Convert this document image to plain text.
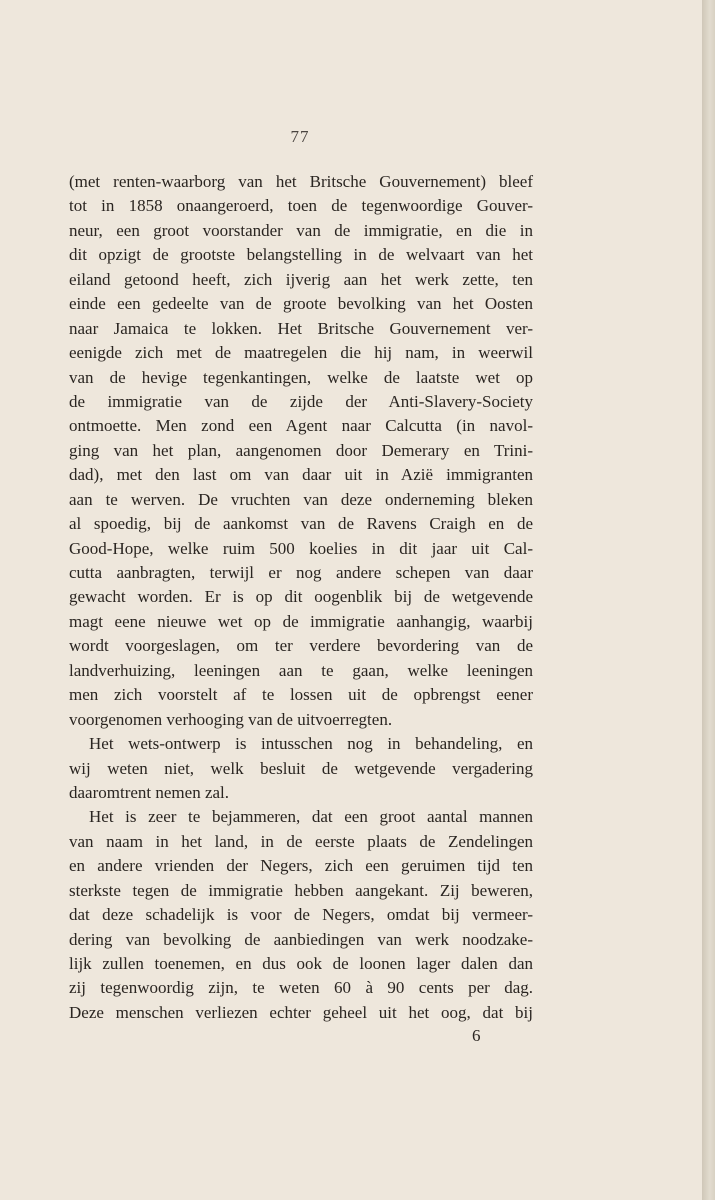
77
(met renten-waarborg van het Britsche Gouvernement) bleef
tot in 1858 onaangeroerd, toen de tegenwoordige Gouver-
neur, een groot voorstander van de immigratie, en die in
dit opzigt de grootste belangstelling in de welvaart van het
eiland getoond heeft, zich ijverig aan het werk zette, ten
einde een gedeelte van de groote bevolking van het Oosten
naar Jamaica te lokken. Het Britsche Gouvernement ver-
eenigde zich met de maatregelen die hij nam, in weerwil
van de hevige tegenkantingen, welke de laatste wet op
de immigratie van de zijde der Anti-Slavery-Society
ontmoette. Men zond een Agent naar Calcutta (in navol-
ging van het plan, aangenomen door Demerary en Trini-
dad), met den last om van daar uit in Azië immigranten
aan te werven. De vruchten van deze onderneming bleken
al spoedig, bij de aankomst van de Ravens Craigh en de
Good-Hope, welke ruim 500 koelies in dit jaar uit Cal-
cutta aanbragten, terwijl er nog andere schepen van daar
gewacht worden. Er is op dit oogenblik bij de wetgevende
magt eene nieuwe wet op de immigratie aanhangig, waarbij
wordt voorgeslagen, om ter verdere bevordering van de
landverhuizing, leeningen aan te gaan, welke leeningen
men zich voorstelt af te lossen uit de opbrengst eener
voorgenomen verhooging van de uitvoerregten.
Het wets-ontwerp is intusschen nog in behandeling, en
wij weten niet, welk besluit de wetgevende vergadering
daaromtrent nemen zal.
Het is zeer te bejammeren, dat een groot aantal mannen
van naam in het land, in de eerste plaats de Zendelingen
en andere vrienden der Negers, zich een geruimen tijd ten
sterkste tegen de immigratie hebben aangekant. Zij beweren,
dat deze schadelijk is voor de Negers, omdat bij vermeer-
dering van bevolking de aanbiedingen van werk noodzake-
lijk zullen toenemen, en dus ook de loonen lager dalen dan
zij tegenwoordig zijn, te weten 60 à 90 cents per dag.
Deze menschen verliezen echter geheel uit het oog, dat bij
6
